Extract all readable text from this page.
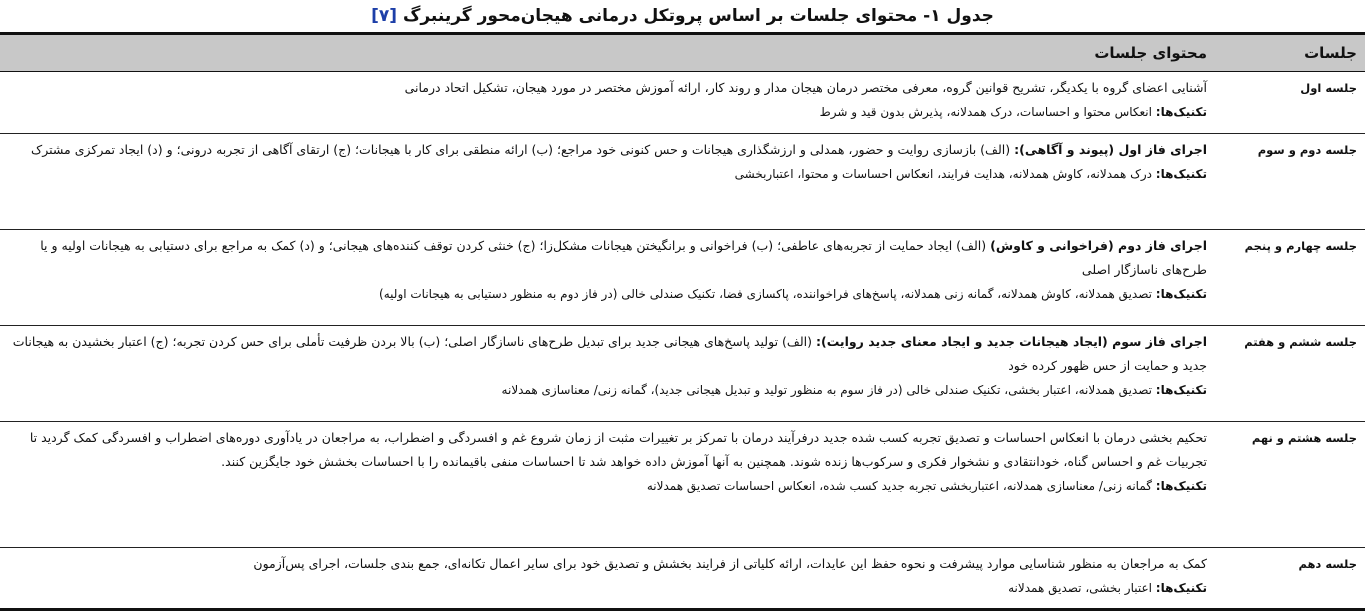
جدول ۱- محتوای جلسات بر اساس پروتکل درمانی هیجان‌محور گرینبرگ [۷]
جلسات	محتوای جلسات
جلسه اول	آشنایی اعضای گروه با یکدیگر، تشریح قوانین گروه، معرفی مختصر درمان هیجان مدار و روند کار، ارائه آموزش مختصر در مورد هیجان، تشکیل اتحاد درمانی
تکنیک‌ها: انعکاس محتوا و احساسات، درک همدلانه، پذیرش بدون قید و شرط

جلسه دوم و سوم	اجرای فاز اول (پیوند و آگاهی): (الف) بازسازی روایت و حضور، همدلی و ارزشگذاری هیجانات و حس کنونی خود مراجع؛ (ب) ارائه منطقی برای کار با هیجانات؛ (ج) ارتقای آگاهی از تجربه درونی؛ و (د) ایجاد تمرکزی مشترک
تکنیک‌ها: درک همدلانه، کاوش همدلانه، هدایت فرایند، انعکاس احساسات و محتوا، اعتباربخشی

جلسه چهارم و پنجم	اجرای فاز دوم (فراخوانی و کاوش) (الف) ایجاد حمایت از تجربه‌های عاطفی؛ (ب) فراخوانی و برانگیختن هیجانات مشکل‌زا؛ (ج) خنثی کردن توقف کننده‌های هیجانی؛ و (د) کمک به مراجع برای دستیابی به هیجانات اولیه و یا طرح‌های ناسازگار اصلی
تکنیک‌ها: تصدیق همدلانه، کاوش همدلانه، گمانه زنی همدلانه، پاسخ‌های فراخواننده، پاکسازی فضا، تکنیک صندلی خالی (در فاز دوم به منظور دستیابی به هیجانات اولیه)

جلسه ششم و هفتم	اجرای فاز سوم (ایجاد هیجانات جدید و ایجاد معنای جدید روایت): (الف) تولید پاسخ‌های هیجانی جدید برای تبدیل طرح‌های ناسازگار اصلی؛ (ب) بالا بردن ظرفیت تأملی برای حس کردن تجربه؛ (ج) اعتبار بخشیدن به هیجانات جدید و حمایت از حس ظهور کرده خود
تکنیک‌ها: تصدیق همدلانه، اعتبار بخشی، تکنیک صندلی خالی (در فاز سوم به منظور تولید و تبدیل هیجانی جدید)، گمانه زنی/ معناسازی همدلانه

جلسه هشتم و نهم	تحکیم بخشی درمان با انعکاس احساسات و تصدیق تجربه کسب شده جدید درفرآیند درمان با تمرکز بر تغییرات مثبت از زمان شروع غم و افسردگی و اضطراب، به مراجعان در یادآوری دوره‌های اضطراب و افسردگی کمک گردید تا تجربیات غم و احساس گناه، خودانتقادی و نشخوار فکری و سرکوب‌ها زنده شوند. همچنین به آنها آموزش داده خواهد شد تا احساسات منفی باقیمانده را با احساسات بخشش خود جایگزین کنند.
تکنیک‌ها: گمانه زنی/ معناسازی همدلانه، اعتباربخشی تجربه جدید کسب شده، انعکاس احساسات تصدیق همدلانه

جلسه دهم	کمک به مراجعان به منظور شناسایی موارد پیشرفت و نحوه حفظ این عایدات، ارائه کلیاتی از فرایند بخشش و تصدیق خود برای سایر اعمال تکانه‌ای، جمع بندی جلسات، اجرای پس‌آزمون
تکنیک‌ها: اعتبار بخشی، تصدیق همدلانه
